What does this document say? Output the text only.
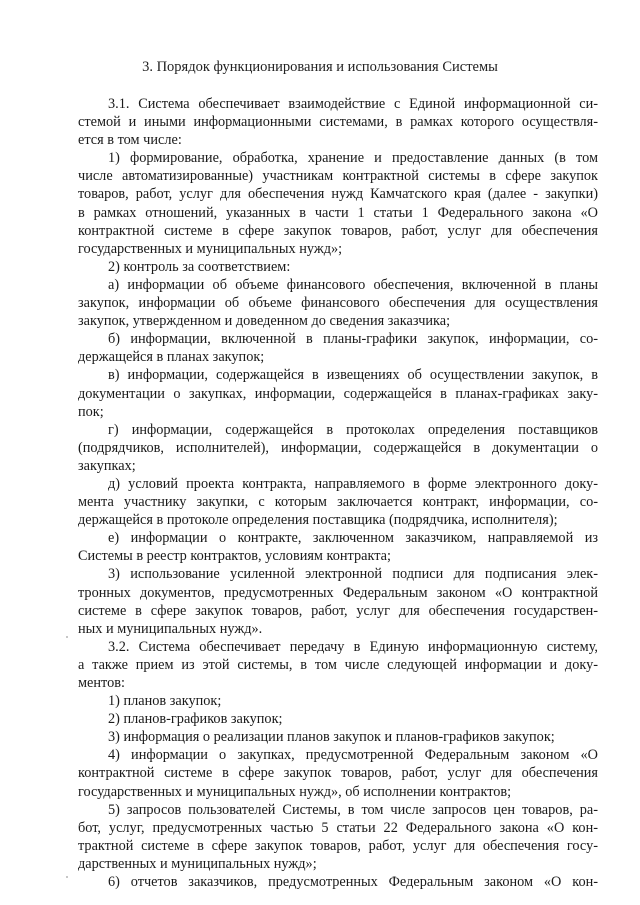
3. Порядок функционирования и использования Системы
3.1. Система обеспечивает взаимодействие с Единой информационной си-
стемой и иными информационными системами, в рамках которого осуществля-
ется в том числе:
1) формирование, обработка, хранение и предоставление данных (в том
числе автоматизированные) участникам контрактной системы в сфере закупок
товаров, работ, услуг для обеспечения нужд Камчатского края (далее - закупки)
в рамках отношений, указанных в части 1 статьи 1 Федерального закона «О
контрактной системе в сфере закупок товаров, работ, услуг для обеспечения
государственных и муниципальных нужд»;
2) контроль за соответствием:
а) информации об объеме финансового обеспечения, включенной в планы
закупок, информации об объеме финансового обеспечения для осуществления
закупок, утвержденном и доведенном до сведения заказчика;
б) информации, включенной в планы-графики закупок, информации, со-
держащейся в планах закупок;
в) информации, содержащейся в извещениях об осуществлении закупок, в
документации о закупках, информации, содержащейся в планах-графиках заку-
пок;
г) информации, содержащейся в протоколах определения поставщиков
(подрядчиков, исполнителей), информации, содержащейся в документации о
закупках;
д) условий проекта контракта, направляемого в форме электронного доку-
мента участнику закупки, с которым заключается контракт, информации, со-
держащейся в протоколе определения поставщика (подрядчика, исполнителя);
е) информации о контракте, заключенном заказчиком, направляемой из
Системы в реестр контрактов, условиям контракта;
3) использование усиленной электронной подписи для подписания элек-
тронных документов, предусмотренных Федеральным законом «О контрактной
системе в сфере закупок товаров, работ, услуг для обеспечения государствен-
ных и муниципальных нужд».
3.2. Система обеспечивает передачу в Единую информационную систему,
а также прием из этой системы, в том числе следующей информации и доку-
ментов:
1) планов закупок;
2) планов-графиков закупок;
3) информация о реализации планов закупок и планов-графиков закупок;
4) информации о закупках, предусмотренной Федеральным законом «О
контрактной системе в сфере закупок товаров, работ, услуг для обеспечения
государственных и муниципальных нужд», об исполнении контрактов;
5) запросов пользователей Системы, в том числе запросов цен товаров, ра-
бот, услуг, предусмотренных частью 5 статьи 22 Федерального закона «О кон-
трактной системе в сфере закупок товаров, работ, услуг для обеспечения госу-
дарственных и муниципальных нужд»;
6) отчетов заказчиков, предусмотренных Федеральным законом «О кон-
